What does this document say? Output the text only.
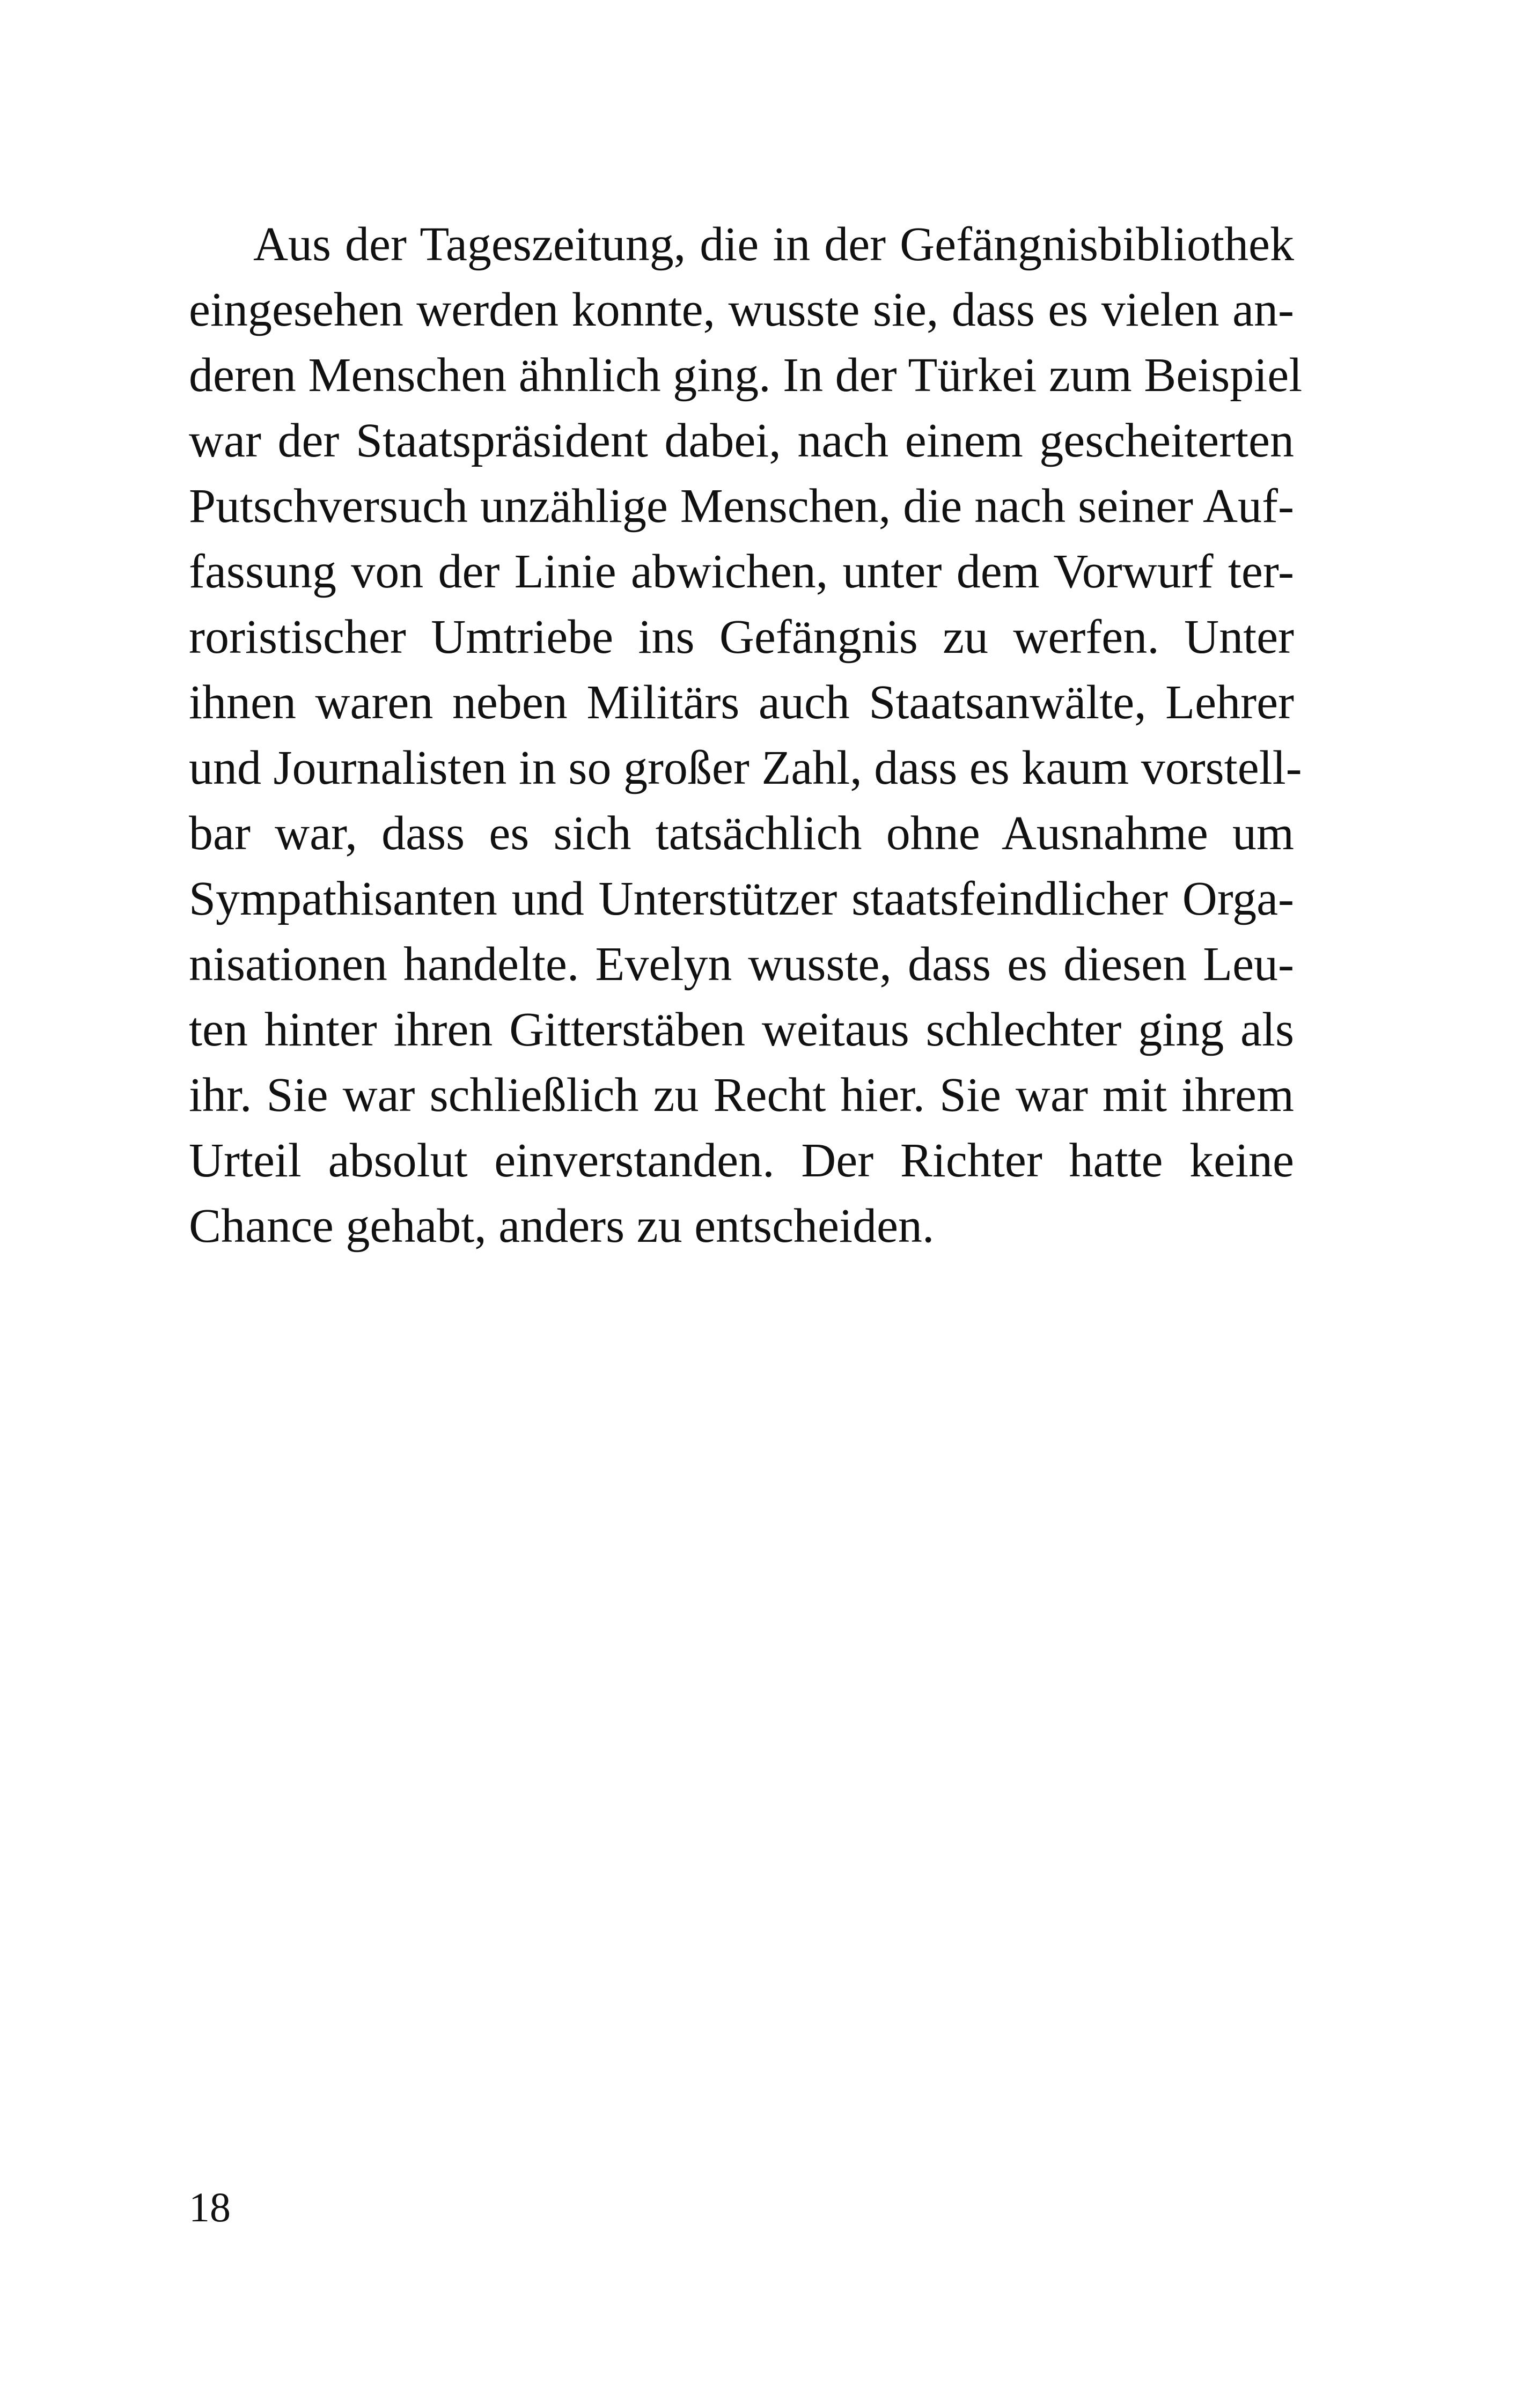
Aus der Tageszeitung, die in der Gefängnisbibliothek
eingesehen werden konnte, wusste sie, dass es vielen an-
deren Menschen ähnlich ging. In der Türkei zum Beispiel
war der Staatspräsident dabei, nach einem gescheiterten
Putschversuch unzählige Menschen, die nach seiner Auf-
fassung von der Linie abwichen, unter dem Vorwurf ter-
roristischer Umtriebe ins Gefängnis zu werfen. Unter
ihnen waren neben Militärs auch Staatsanwälte, Lehrer
und Journalisten in so großer Zahl, dass es kaum vorstell-
bar war, dass es sich tatsächlich ohne Ausnahme um
Sympathisanten und Unterstützer staatsfeindlicher Orga-
nisationen handelte. Evelyn wusste, dass es diesen Leu-
ten hinter ihren Gitterstäben weitaus schlechter ging als
ihr. Sie war schließlich zu Recht hier. Sie war mit ihrem
Urteil absolut einverstanden. Der Richter hatte keine
Chance gehabt, anders zu entscheiden.
18
